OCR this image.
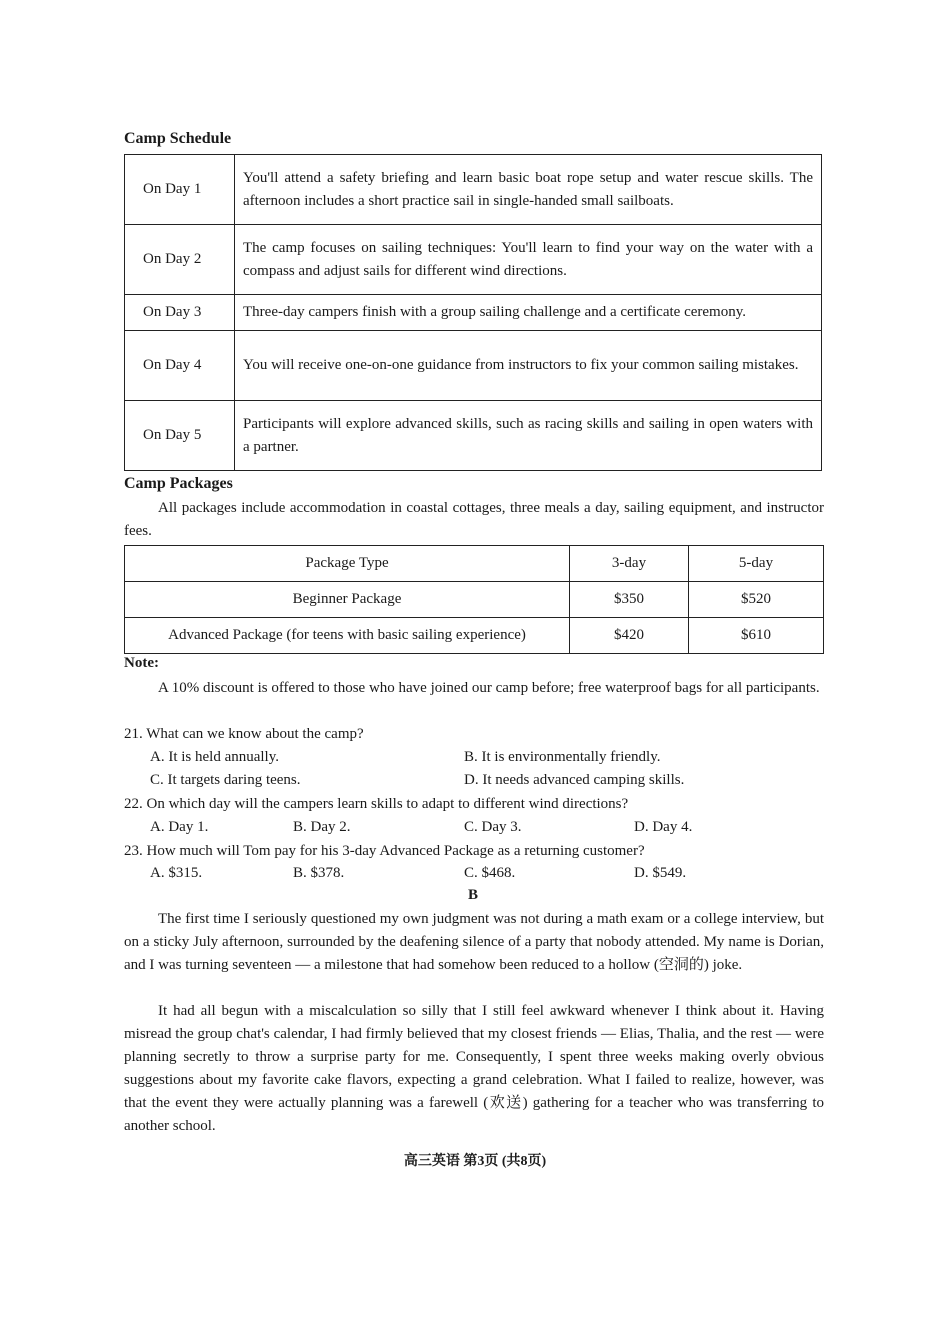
Camp Schedule
On Day 1	You'll attend a safety briefing and learn basic boat rope setup and water rescue skills. The afternoon includes a short practice sail in single-handed small sailboats.
On Day 2	The camp focuses on sailing techniques: You'll learn to find your way on the water with a compass and adjust sails for different wind directions.
On Day 3	Three-day campers finish with a group sailing challenge and a certificate ceremony.
On Day 4	You will receive one-on-one guidance from instructors to fix your common sailing mistakes.
On Day 5	Participants will explore advanced skills, such as racing skills and sailing in open waters with a partner.
Camp Packages
All packages include accommodation in coastal cottages, three meals a day, sailing equipment, and instructor fees.
Package Type	3-day	5-day
Beginner Package	$350	$520
Advanced Package (for teens with basic sailing experience)	$420	$610
Note:
A 10% discount is offered to those who have joined our camp before; free waterproof bags for all participants.
21. What can we know about the camp?
A. It is held annually.	B. It is environmentally friendly.
C. It targets daring teens.	D. It needs advanced camping skills.
22. On which day will the campers learn skills to adapt to different wind directions?
A. Day 1.	B. Day 2.	C. Day 3.	D. Day 4.
23. How much will Tom pay for his 3-day Advanced Package as a returning customer?
A. $315.	B. $378.	C. $468.	D. $549.
B
The first time I seriously questioned my own judgment was not during a math exam or a college interview, but on a sticky July afternoon, surrounded by the deafening silence of a party that nobody attended. My name is Dorian, and I was turning seventeen — a milestone that had somehow been reduced to a hollow (空洞的) joke.
It had all begun with a miscalculation so silly that I still feel awkward whenever I think about it. Having misread the group chat's calendar, I had firmly believed that my closest friends — Elias, Thalia, and the rest — were planning secretly to throw a surprise party for me. Consequently, I spent three weeks making overly obvious suggestions about my favorite cake flavors, expecting a grand celebration. What I failed to realize, however, was that the event they were actually planning was a farewell (欢送) gathering for a teacher who was transferring to another school.
高三英语 第3页 (共8页)
